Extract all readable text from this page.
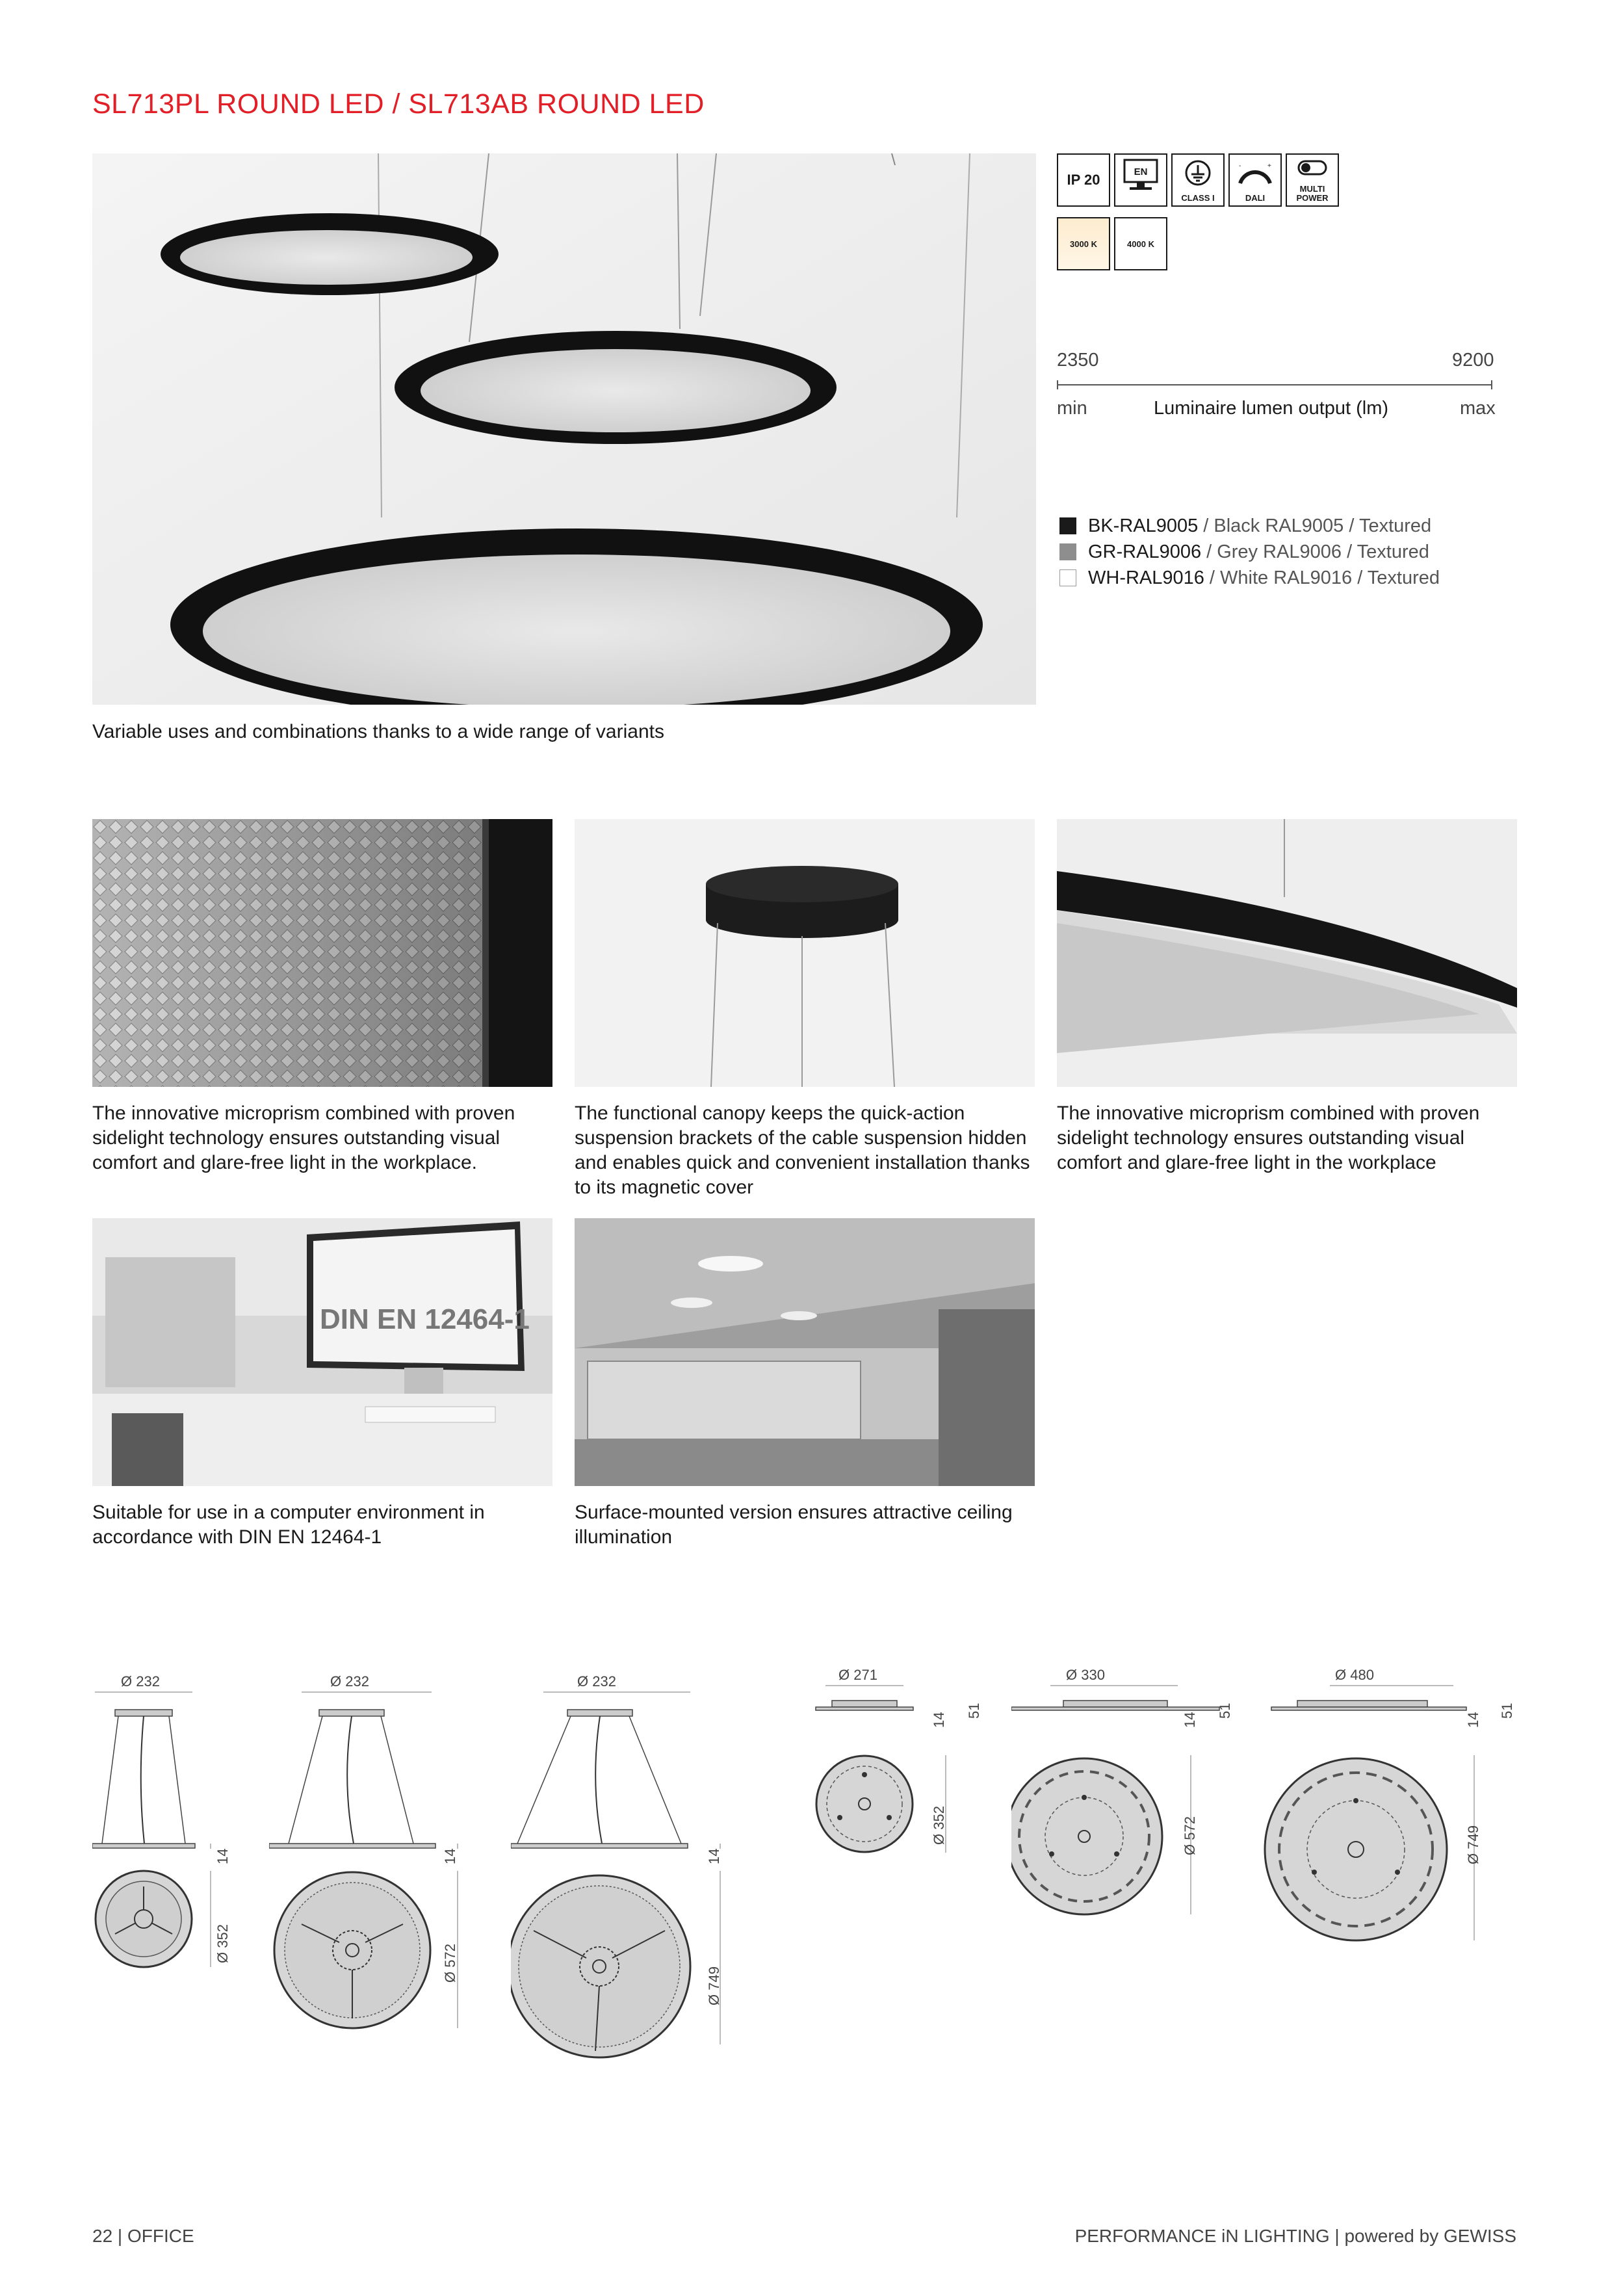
SL713PL ROUND LED / SL713AB ROUND LED
Variable uses and combinations thanks to a wide range of variants
IP 20	EN
CLASS I
-	+
DALI
MULTI POWER
3000 K	4000 K
2350	9200
min	Luminaire lumen output (lm)	max
BK-RAL9005 / Black RAL9005 / Textured
GR-RAL9006 / Grey RAL9006 / Textured
WH-RAL9016 / White RAL9016 / Textured
The innovative microprism combined with proven sidelight technology ensures outstanding visual comfort and glare-free light in the workplace.
The functional canopy keeps the quick-action suspension brackets of the cable suspension hidden and enables quick and convenient installation thanks to its magnetic cover
The innovative microprism combined with proven sidelight technology ensures outstanding visual comfort and glare-free light in the workplace
DIN EN 12464-1
Suitable for use in a computer environment in accordance with DIN EN 12464-1
Surface-mounted version ensures attractive ceiling illumination
Ø 232
14
Ø 352
Ø 232
14
Ø 572
Ø 232
14
Ø 749
Ø 271
14
51
Ø 352
Ø 330
14
51
Ø 572
Ø 480
14
51
Ø 749
22 | OFFICE	PERFORMANCE iN LIGHTING | powered by GEWISS
